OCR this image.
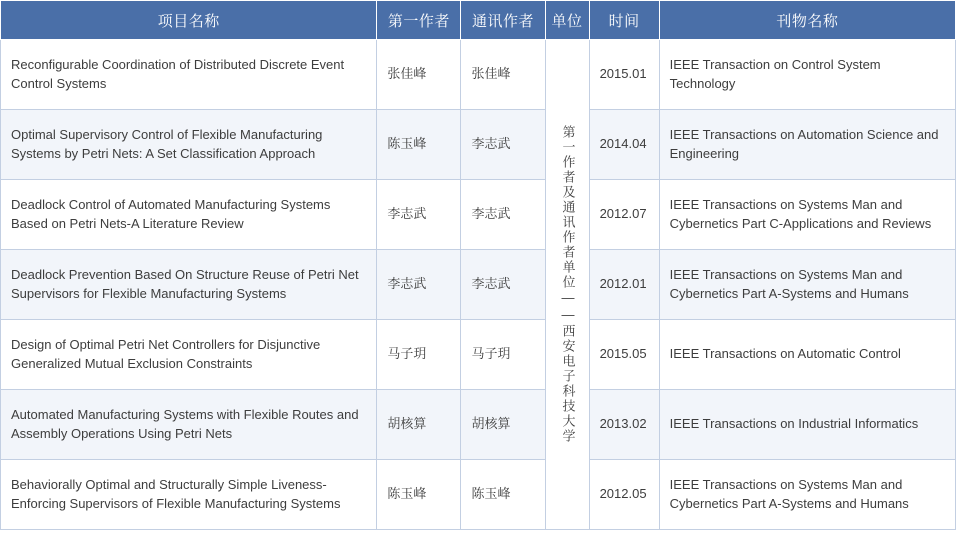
项目名称	第一作者	通讯作者	单位	时间	刊物名称
Reconfigurable Coordination of Distributed Discrete Event Control Systems	张佳峰	张佳峰	第一作者及通讯作者单位——西安电子科技大学	2015.01	IEEE Transaction on Control System Technology
Optimal Supervisory Control of Flexible Manufacturing Systems by Petri Nets: A Set Classification Approach	陈玉峰	李志武		2014.04	IEEE Transactions on Automation Science and Engineering
Deadlock Control of Automated Manufacturing Systems Based on Petri Nets-A Literature Review	李志武	李志武		2012.07	IEEE Transactions on Systems Man and Cybernetics Part C-Applications and Reviews
Deadlock Prevention Based On Structure Reuse of Petri Net Supervisors for Flexible Manufacturing Systems	李志武	李志武		2012.01	IEEE Transactions on Systems Man and Cybernetics Part A-Systems and Humans
Design of Optimal Petri Net Controllers for Disjunctive Generalized Mutual Exclusion Constraints	马子玥	马子玥		2015.05	IEEE Transactions on Automatic Control
Automated Manufacturing Systems with Flexible Routes and Assembly Operations Using Petri Nets	胡核算	胡核算		2013.02	IEEE Transactions on Industrial Informatics
Behaviorally Optimal and Structurally Simple Liveness-Enforcing Supervisors of Flexible Manufacturing Systems	陈玉峰	陈玉峰		2012.05	IEEE Transactions on Systems Man and Cybernetics Part A-Systems and Humans
